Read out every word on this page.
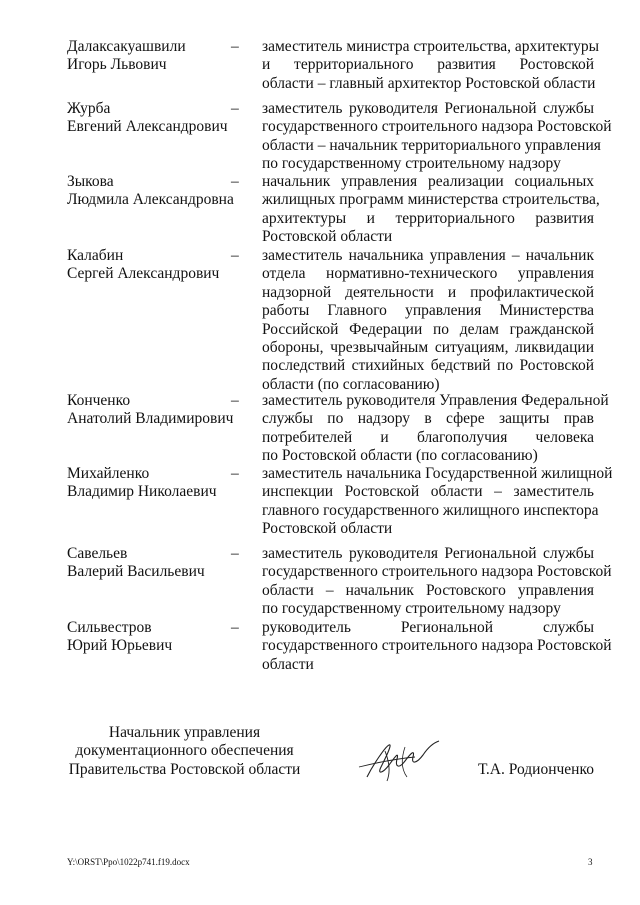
Далаксакуашвили
Игорь Львович
– заместитель министра строительства, архитектуры
и территориального развития Ростовской
области – главный архитектор Ростовской области
Журба
Евгений Александрович
– заместитель руководителя Региональной службы
государственного строительного надзора Ростовской
области – начальник территориального управления
по государственному строительному надзору
Зыкова
Людмила Александровна
– начальник управления реализации социальных
жилищных программ министерства строительства,
архитектуры и территориального развития
Ростовской области
Калабин
Сергей Александрович
– заместитель начальника управления – начальник
отдела нормативно-технического управления
надзорной деятельности и профилактической
работы Главного управления Министерства
Российской Федерации по делам гражданской
обороны, чрезвычайным ситуациям, ликвидации
последствий стихийных бедствий по Ростовской
области (по согласованию)
Конченко
Анатолий Владимирович
– заместитель руководителя Управления Федеральной
службы по надзору в сфере защиты прав
потребителей и благополучия человека
по Ростовской области (по согласованию)
Михайленко
Владимир Николаевич
– заместитель начальника Государственной жилищной
инспекции Ростовской области – заместитель
главного государственного жилищного инспектора
Ростовской области
Савельев
Валерий Васильевич
– заместитель руководителя Региональной службы
государственного строительного надзора Ростовской
области – начальник Ростовского управления
по государственному строительному надзору
Сильвестров
Юрий Юрьевич
– руководитель Региональной службы
государственного строительного надзора Ростовской
области
Начальник управления
документационного обеспечения
Правительства Ростовской области	Т.А. Родионченко
Y:\ORST\Ppo\1022p741.f19.docx	3
